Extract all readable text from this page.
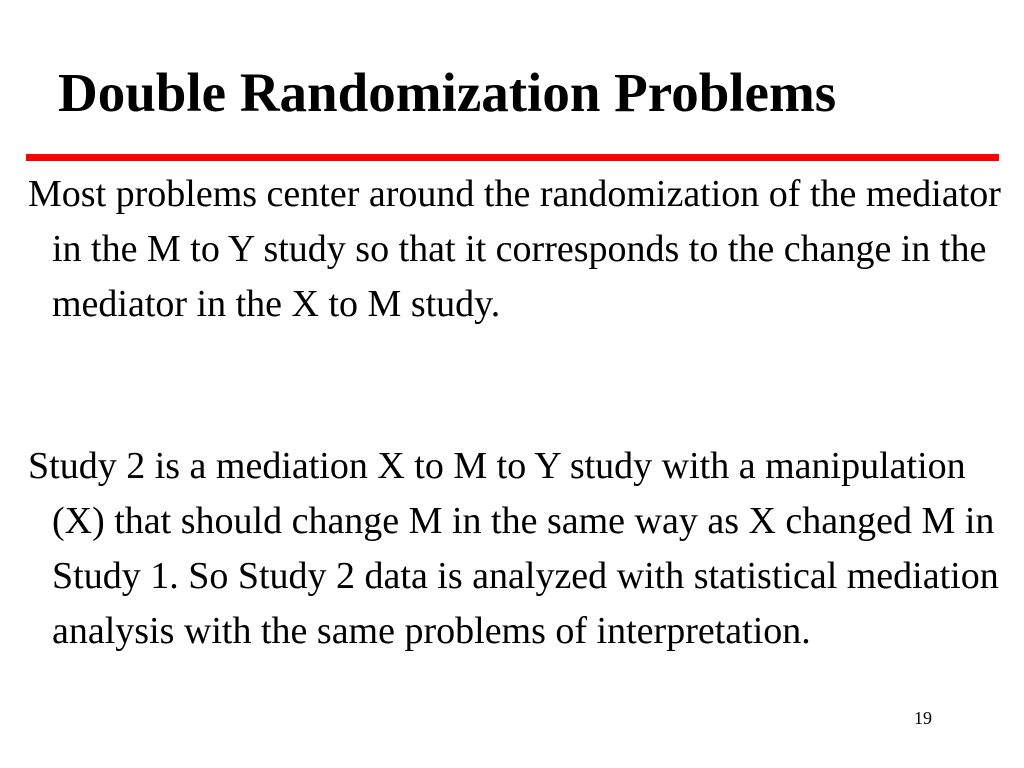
Double Randomization Problems

Most problems center around the randomization of the mediator in the M to Y study so that it corresponds to the change in the mediator in the X to M study.

Study 2 is a mediation X to M to Y study with a manipulation (X) that should change M in the same way as X changed M in Study 1. So Study 2 data is analyzed with statistical mediation analysis with the same problems of interpretation.

19
